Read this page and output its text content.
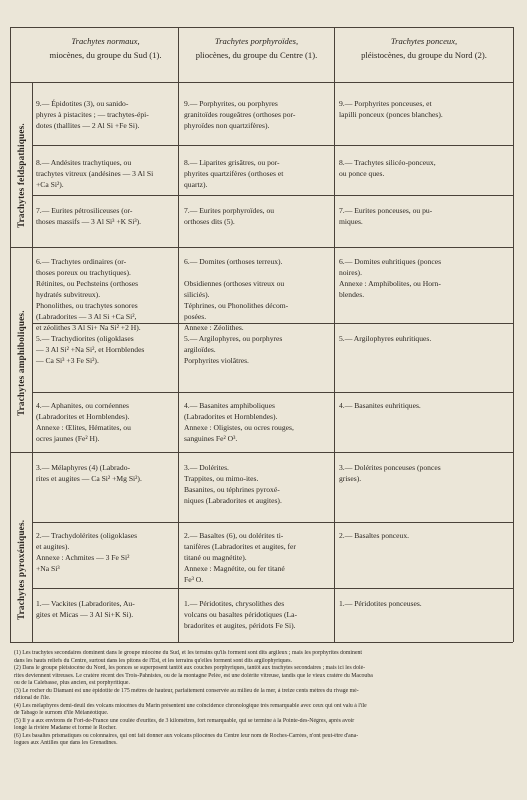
Trachytes normaux,
miocènes, du groupe du Sud (1).
Trachytes porphyroïdes,
pliocènes, du groupe du Centre (1).
Trachytes ponceux,
pléistocènes, du groupe du Nord (2).
Trachytes feldspathiques.
Trachytes amphiboliques.
Trachytes pyroxéniques.
9.— Épidotites (3), ou sanido-
phyres à pistacites ; — trachytes-épi-
dotes (thallites — 2 Al Si +Fe Si).
9.— Porphyrites, ou porphyres
granitoïdes rougeâtres (orthoses por-
phyroïdes non quartzifères).
9.— Porphyrites ponceuses, et
lapilli ponceux (ponces blanches).
8.— Andésites trachytiques, ou
trachytes vitreux (andésines — 3 Al Si
+Ca Si²).
8.— Liparites grisâtres, ou por-
phyrites quartzifères (orthoses et
quartz).
8.— Trachytes silicéo-ponceux,
ou ponce ques.
7.— Eurites pétrosiliceuses (or-
thoses massifs — 3 Al Si³ +K Si³).
7.— Eurites porphyroïdes, ou
orthoses dits (5).
7.— Eurites ponceuses, ou pu-
miques.
6.— Trachytes ordinaires (or-
thoses poreux ou trachytiques).
Rétinites, ou Pechsteins (orthoses
hydratés subvitreux).
Phonolithes, ou trachytes sonores
(Labradorites — 3 Al Si +Ca Si²,
et zéolithes 3 Al Si+ Na Si² +2 H).
6.— Domites (orthoses terreux).

Obsidiennes (orthoses vitreux ou
siliciés).
Téphrines, ou Phonolithes décom-
posées.
Annexe : Zéolithes.
6.— Domites euhritiques (ponces
noires).
Annexe : Amphibolites, ou Horn-
blendes.
5.— Trachydiorites (oligoklases
— 3 Al Si² +Na Si², et Hornblendes
— Ca Si³ +3 Fe Si²).
5.— Argilophyres, ou porphyres
argiloïdes.
Porphyrites violâtres.
5.— Argilophyres euhritiques.
4.— Aphanites, ou cornéennes
(Labradorites et Hornblendes).
Annexe : Œlites, Hématites, ou
ocres jaunes (Fe² H).
4.— Basanites amphiboliques
(Labradorites et Hornblendes).
Annexe : Oligistes, ou ocres rouges,
sanguines Fe² O³.
4.— Basanites euhritiques.
3.— Mélaphyres (4) (Labrado-
rites et augites — Ca Si² +Mg Si²).
3.— Dolérites.
Trappites, ou mimo-ites.
Basanites, ou téphrines pyroxé-
niques (Labradorites et augites).
3.— Dolérites ponceuses (ponces
grises).
2.— Trachydolérites (oligoklases
et augites).
Annexe : Achmites — 3 Fe Si²
+Na Si³
2.— Basaltes (6), ou dolérites ti-
tanifères (Labradorites et augites, fer
titané ou magnétite).
Annexe : Magnétite, ou fer titané
Fe³ O.
2.— Basaltes ponceux.
1.— Vackites (Labradorites, Au-
gites et Micas — 3 Al Si+K Si).
1.— Péridotites, chrysolithes des
volcans ou basaltes péridotiques (La-
bradorites et augites, péridots Fe Si).
1.— Péridotites ponceuses.
(1) Les trachytes secondaires dominent dans le groupe miocène du Sud, et les terrains qu'ils forment sont dits argileux ; mais les porphyrites dominent
dans les hauts reliefs du Centre, surtout dans les pitons de l'Est, et les terrains qu'elles forment sont dits argilophyriques.
(2) Dans le groupe pléistocène du Nord, les ponces se superposent tantôt aux couches porphyriques, tantôt aux trachytes secondaires ; mais ici les dolé-
rites deviennent vitreuses. Le cratère récent des Trois-Pahnistes, ou de la montagne Pelée, est une dolérite vitreuse, tandis que le vieux cratère du Macouba
ou de la Calebasse, plus ancien, est porphyritique.
(3) Le rocher du Diamant est une épidotite de 175 mètres de hauteur, parfaitement conservée au milieu de la mer, à treize cents mètres du rivage mé-
ridional de l'île.
(4) Les mélaphyres demi-deuil des volcans miocènes du Marin présentent une coïncidence chronologique très remarquable avec ceux qui ont valu à l'île
de Tabago le surnom d'île Mélanéotique.
(5) Il y a aux environs de Fort-de-France une coulée d'eurites, de 3 kilomètres, fort remarquable, qui se termine à la Pointe-des-Nègres, après avoir
longé la rivière Madame et formé le Rocher.
(6) Les basaltes prismatiques ou colonnaires, qui ont fait donner aux volcans pliocènes du Centre leur nom de Roches-Carrées, n'ont peut-être d'ana-
logues aux Antilles que dans les Grenadines.
